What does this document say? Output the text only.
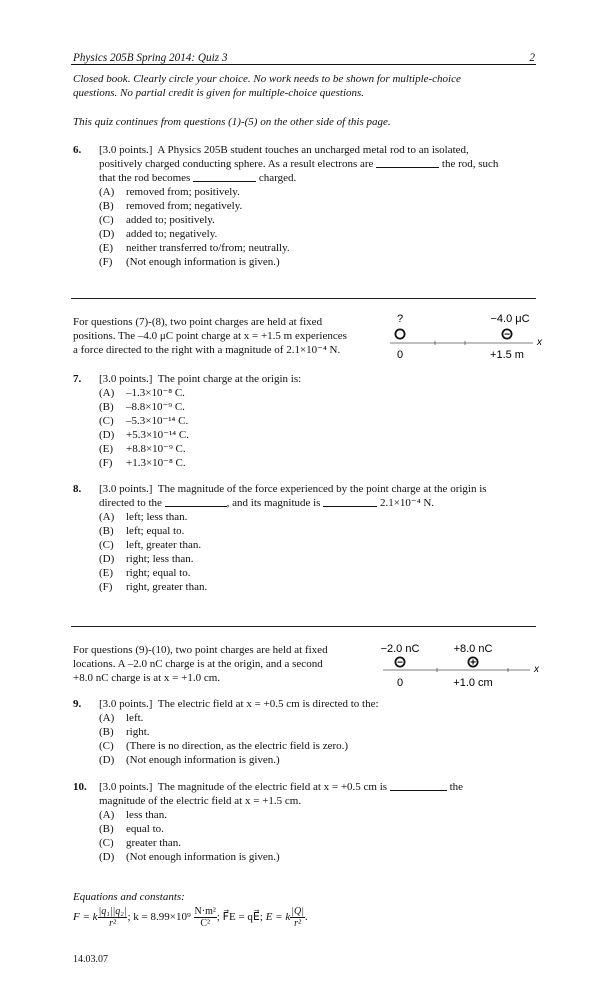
Physics 205B Spring 2014: Quiz 3	2
Closed book. Clearly circle your choice. No work needs to be shown for multiple-choice
questions. No partial credit is given for multiple-choice questions.
This quiz continues from questions (1)-(5) on the other side of this page.
6. [3.0 points.] A Physics 205B student touches an uncharged metal rod to an isolated,
positively charged conducting sphere. As a result electrons are	the rod, such
that the rod becomes	charged.
(A) removed from; positively.
(B) removed from; negatively.
(C) added to; positively.
(D) added to; negatively.
(E) neither transferred to/from; neutrally.
(F) (Not enough information is given.)
For questions (7)-(8), two point charges are held at fixed
positions. The –4.0 μC point charge at x = +1.5 m experiences
a force directed to the right with a magnitude of 2.1×10⁻⁴ N.
?	−4.0 μC
−
x
0	+1.5 m
7. [3.0 points.] The point charge at the origin is:
(A) –1.3×10⁻⁸ C.
(B) –8.8×10⁻⁹ C.
(C) –5.3×10⁻¹⁴ C.
(D) +5.3×10⁻¹⁴ C.
(E) +8.8×10⁻⁹ C.
(F) +1.3×10⁻⁸ C.
8. [3.0 points.] The magnitude of the force experienced by the point charge at the origin is
directed to the	, and its magnitude is	2.1×10⁻⁴ N.
(A) left; less than.
(B) left; equal to.
(C) left, greater than.
(D) right; less than.
(E) right; equal to.
(F) right, greater than.
For questions (9)-(10), two point charges are held at fixed
locations. A –2.0 nC charge is at the origin, and a second
+8.0 nC charge is at x = +1.0 cm.
−2.0 nC	+8.0 nC
−	+
x
0	+1.0 cm
9. [3.0 points.] The electric field at x = +0.5 cm is directed to the:
(A) left.
(B) right.
(C) (There is no direction, as the electric field is zero.)
(D) (Not enough information is given.)
10. [3.0 points.] The magnitude of the electric field at x = +0.5 cm is	the
magnitude of the electric field at x = +1.5 cm.
(A) less than.
(B) equal to.
(C) greater than.
(D) (Not enough information is given.)
Equations and constants:
F = k $\frac{\text{|q₁||q₂|}}{\text{r²}}$ ; $k = 8.99\times 10^9 \frac{\text{N·m²}}{\text{C²}}$ ; F⃗E = qE⃗; E = k $\frac{|Q|}{\text{r²}}$ .
14.03.07
